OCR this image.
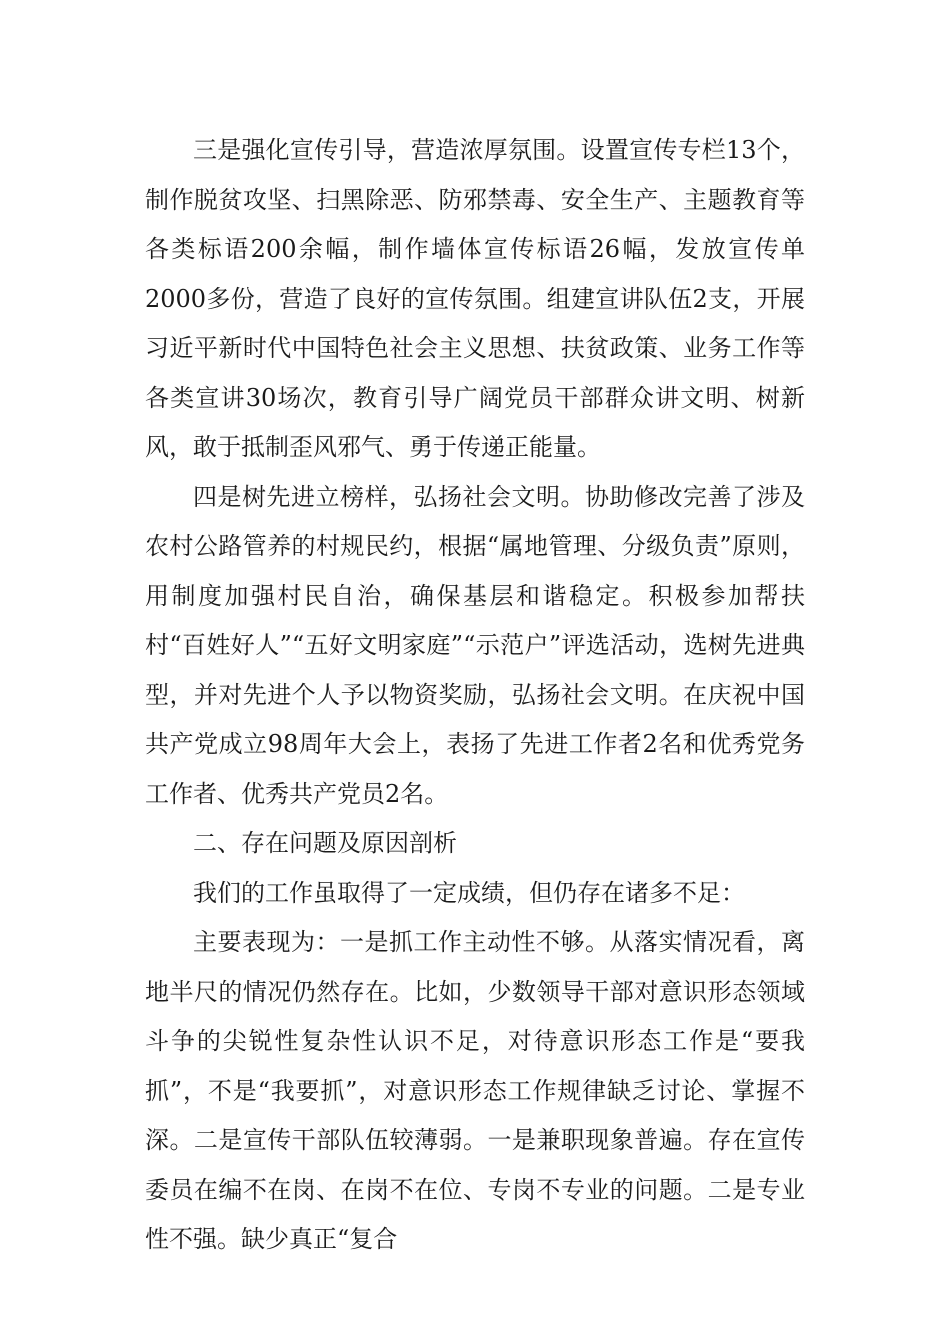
三是强化宣传引导，营造浓厚氛围。设置宣传专栏13个，制作脱贫攻坚、扫黑除恶、防邪禁毒、安全生产、主题教育等各类标语200余幅，制作墙体宣传标语26幅，发放宣传单2000多份，营造了良好的宣传氛围。组建宣讲队伍2支，开展习近平新时代中国特色社会主义思想、扶贫政策、业务工作等各类宣讲30场次，教育引导广阔党员干部群众讲文明、树新风，敢于抵制歪风邪气、勇于传递正能量。

四是树先进立榜样，弘扬社会文明。协助修改完善了涉及农村公路管养的村规民约，根据“属地管理、分级负责”原则，用制度加强村民自治，确保基层和谐稳定。积极参加帮扶村“百姓好人”“五好文明家庭”“示范户”评选活动，选树先进典型，并对先进个人予以物资奖励，弘扬社会文明。在庆祝中国共产党成立98周年大会上，表扬了先进工作者2名和优秀党务工作者、优秀共产党员2名。

二、存在问题及原因剖析

我们的工作虽取得了一定成绩，但仍存在诸多不足：

主要表现为：一是抓工作主动性不够。从落实情况看，离地半尺的情况仍然存在。比如，少数领导干部对意识形态领域斗争的尖锐性复杂性认识不足，对待意识形态工作是“要我抓”，不是“我要抓”，对意识形态工作规律缺乏讨论、掌握不深。二是宣传干部队伍较薄弱。一是兼职现象普遍。存在宣传委员在编不在岗、在岗不在位、专岗不专业的问题。二是专业性不强。缺少真正“复合
